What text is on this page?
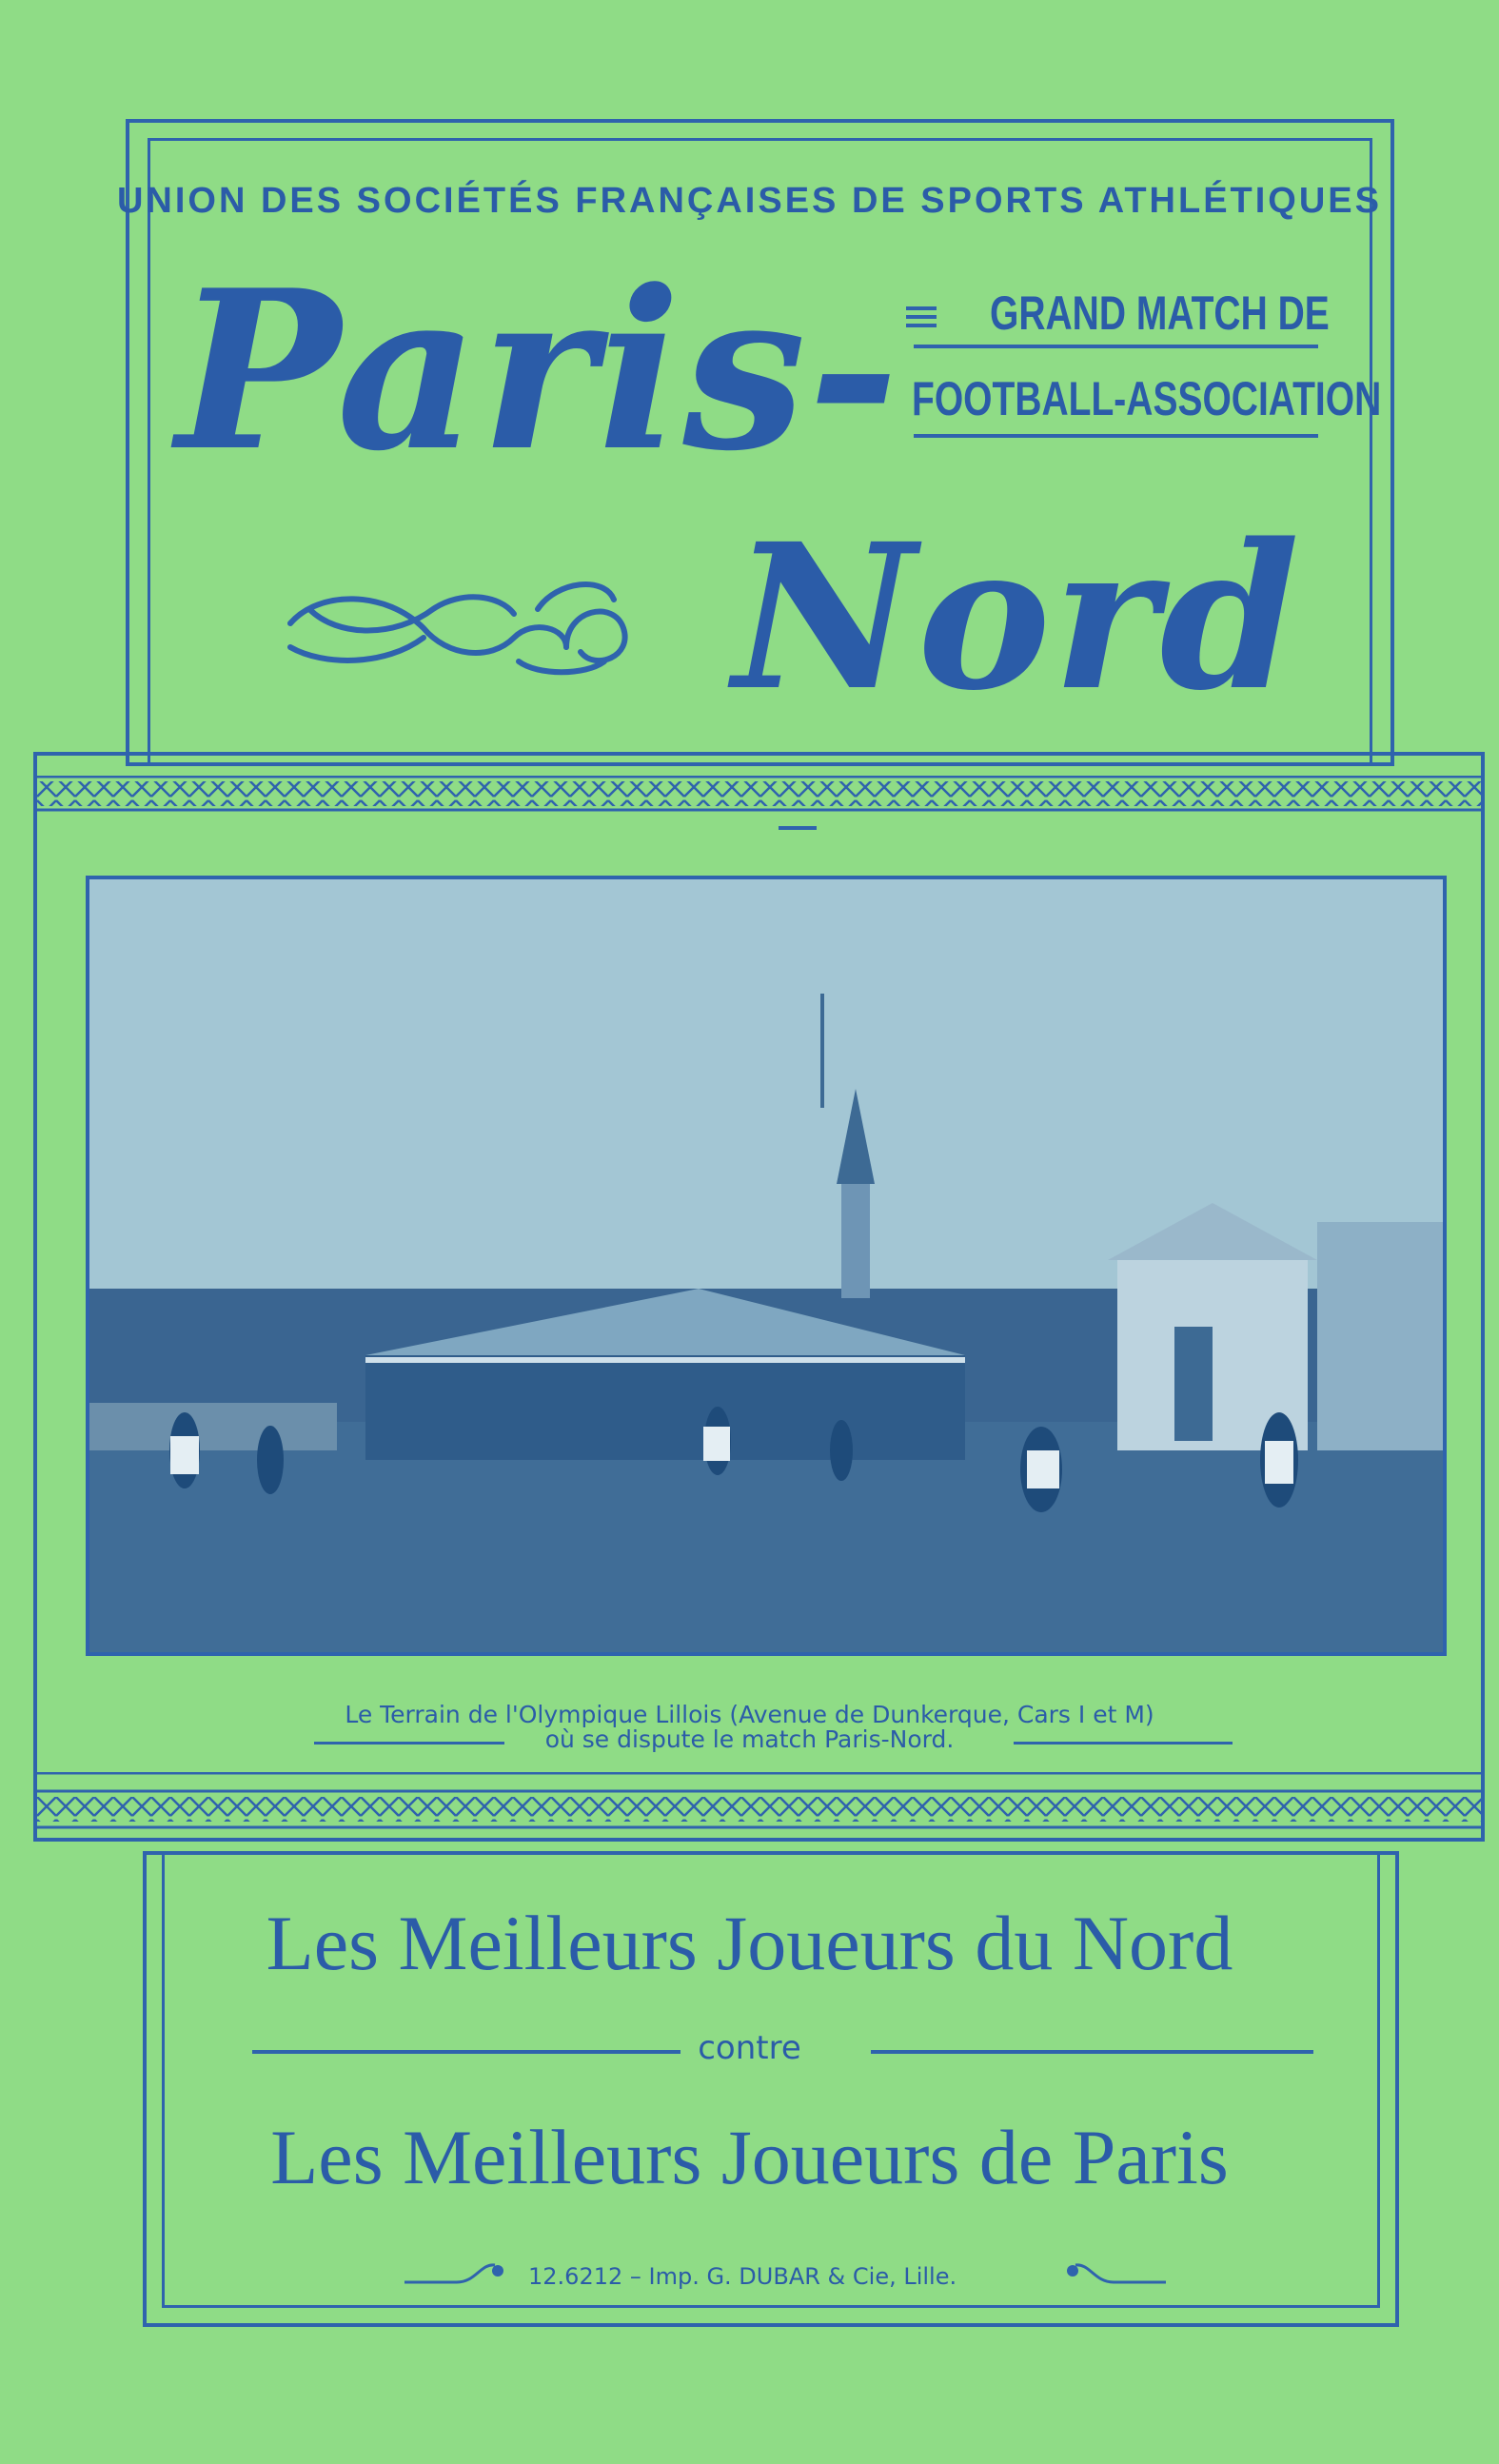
UNION DES SOCIÉTÉS FRANÇAISES DE SPORTS ATHLÉTIQUES
Paris-
Nord
GRAND MATCH DE
FOOTBALL-ASSOCIATION
Le Terrain de l'Olympique Lillois (Avenue de Dunkerque, Cars I et M)
où se dispute le match Paris-Nord.
Les Meilleurs Joueurs du Nord
contre
Les Meilleurs Joueurs de Paris
12.6212 – Imp. G. DUBAR & Cie, Lille.
